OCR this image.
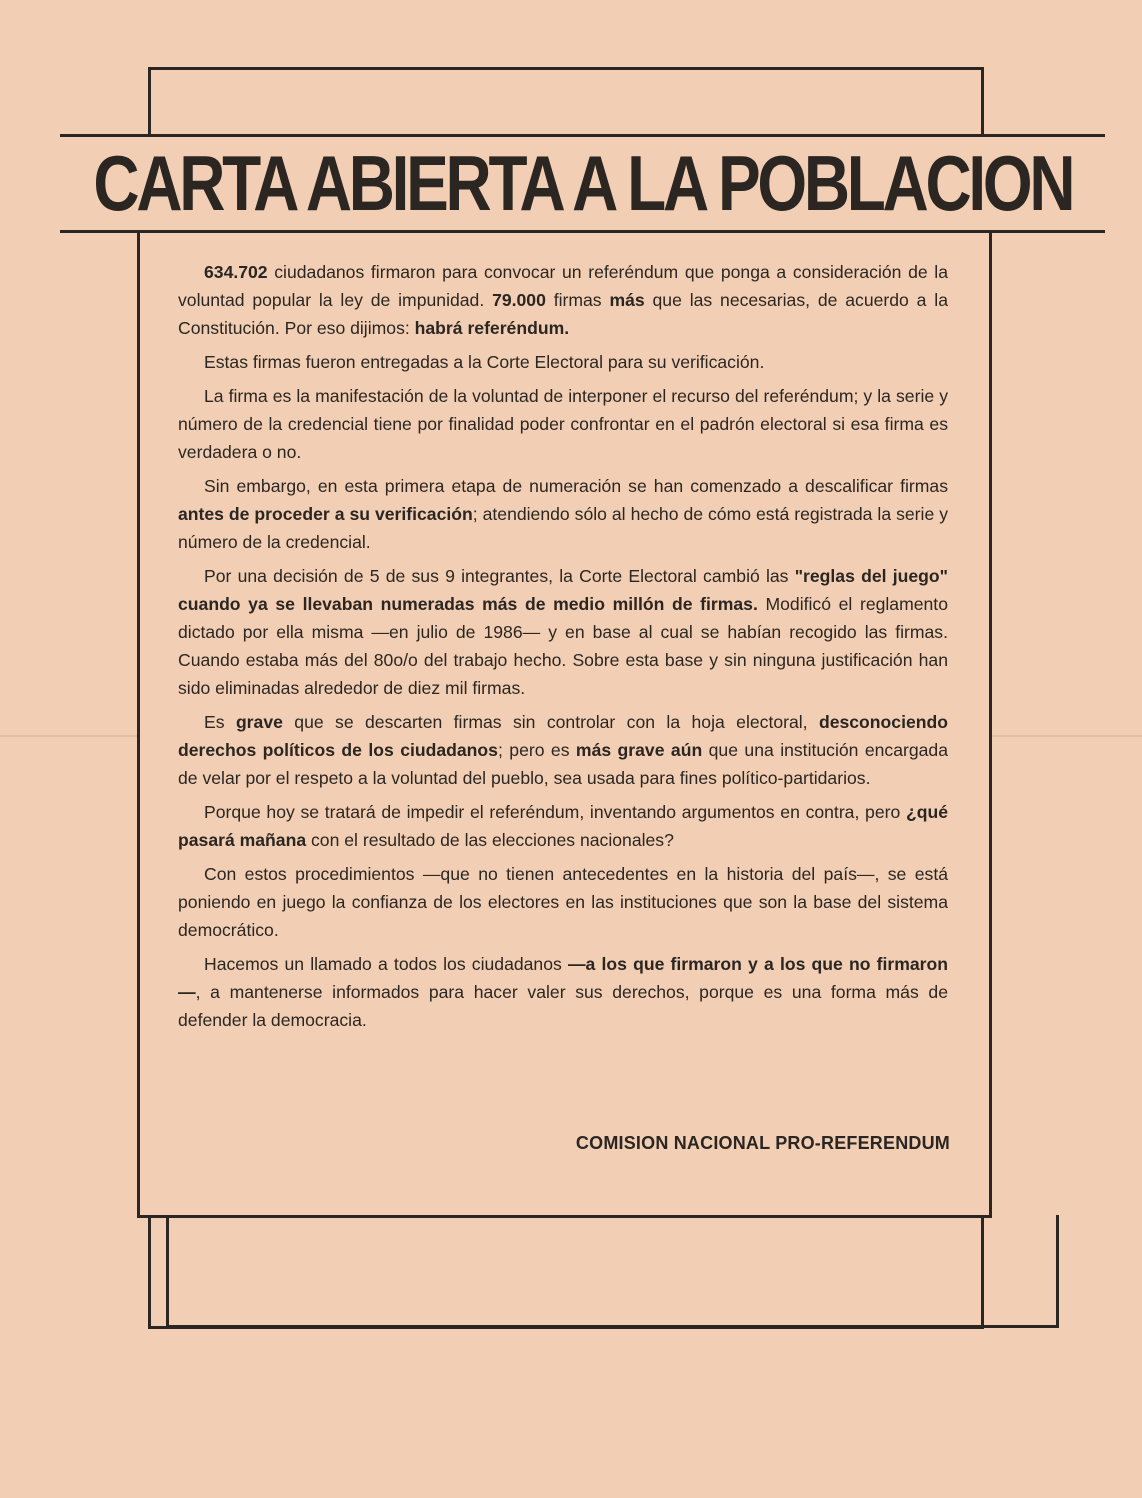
CARTA ABIERTA A LA POBLACION

634.702 ciudadanos firmaron para convocar un referéndum que ponga a consideración de la voluntad popular la ley de impunidad. 79.000 firmas más que las necesarias, de acuerdo a la Constitución. Por eso dijimos: habrá referéndum.

Estas firmas fueron entregadas a la Corte Electoral para su verificación.

La firma es la manifestación de la voluntad de interponer el recurso del referéndum; y la serie y número de la credencial tiene por finalidad poder confrontar en el padrón electoral si esa firma es verdadera o no.

Sin embargo, en esta primera etapa de numeración se han comenzado a descalificar firmas antes de proceder a su verificación; atendiendo sólo al hecho de cómo está registrada la serie y número de la credencial.

Por una decisión de 5 de sus 9 integrantes, la Corte Electoral cambió las "reglas del juego" cuando ya se llevaban numeradas más de medio millón de firmas. Modificó el reglamento dictado por ella misma —en julio de 1986— y en base al cual se habían recogido las firmas. Cuando estaba más del 80o/o del trabajo hecho. Sobre esta base y sin ninguna justificación han sido eliminadas alrededor de diez mil firmas.

Es grave que se descarten firmas sin controlar con la hoja electoral, desconociendo derechos políticos de los ciudadanos; pero es más grave aún que una institución encargada de velar por el respeto a la voluntad del pueblo, sea usada para fines político-partidarios.

Porque hoy se tratará de impedir el referéndum, inventando argumentos en contra, pero ¿qué pasará mañana con el resultado de las elecciones nacionales?

Con estos procedimientos —que no tienen antecedentes en la historia del país—, se está poniendo en juego la confianza de los electores en las instituciones que son la base del sistema democrático.

Hacemos un llamado a todos los ciudadanos —a los que firmaron y a los que no firmaron—, a mantenerse informados para hacer valer sus derechos, porque es una forma más de defender la democracia.

COMISION NACIONAL PRO-REFERENDUM
